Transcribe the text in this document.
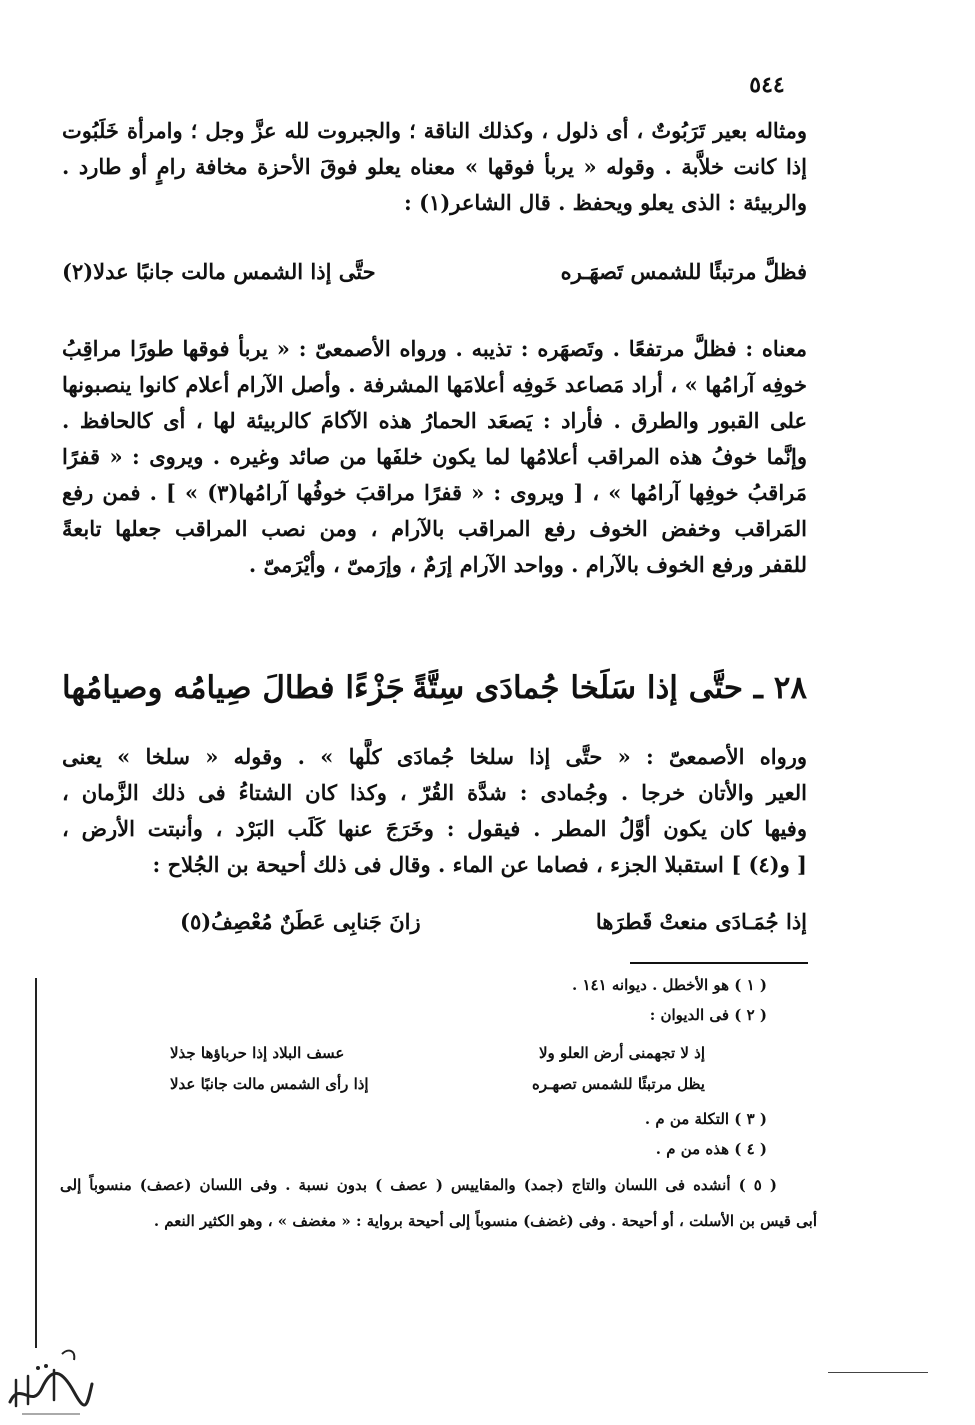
٥٤٤
ومثاله بعير تَرَبُوتٌ ، أى ذلول ، وكذلك الناقة ؛ والجبروت لله عزَّ وجل ؛ وامرأة خَلَبُوت
إذا كانت خلاَّبة . وقوله « يربأ فوقها » معناه يعلو فوقَ الأحزة مخافة رامٍ أو طارد .
والربيئة : الذى يعلو ويحفظ . قال الشاعر(١) :
فظلَّ مرتبئًا للشمس تَصهَـره
حتَّى إذا الشمس مالت جانبًا عدلا(٢)
معناه : فظلَّ مرتفعًا . وتَصهَره : تذيبه . ورواه الأصمعىّ : « يربأ فوقها طورًا مراقِبُ
خوفِه آرامُها » ، أراد مَصاعد خَوفِه أعلامَها المشرفة . وأصل الآرام أعلام كانوا ينصبونها
على القبور والطرق . فأراد : يَصعَد الحمارُ هذه الآكامَ كالربيئة لها ، أى كالحافظ .
وإنَّما خوفُ هذه المراقب أعلامُها لما يكون خلفَها من صائد وغيره . ويروى : « قفرًا
مَراقبُ خوفِها آرامُها » ، [ ويروى : « قفرًا مراقبَ خوفُها آرامُها(٣) » ] . فمن رفع
المَراقب وخفض الخوف رفع المراقب بالآرام ، ومن نصب المراقب جعلها تابعةً
للقفر ورفع الخوف بالآرام . وواحد الآرام إرَمٌ ، وإرَمىّ ، وأيْرَمىّ .
٢٨ ـ حتَّى إذا سَلَخا جُمادَى سِتَّةً
جَزْءًا فطالَ صِيامُه وصيامُها
ورواه الأصمعىّ : « حتَّى إذا سلخا جُمادَى كلَّها » . وقوله « سلخا » يعنى
العير والأتان خرجا . وجُمادى : شدَّة القُرّ ، وكذا كان الشتاءُ فى ذلك الزَّمان ،
وفيها كان يكون أوَّلُ المطر . فيقول : وخَرَجَ عنها كَلَب البَرْد ، وأنبتت الأرض ،
[ و(٤) ] استقبلا الجزء ، فصاما عن الماء . وقال فى ذلك أحيحة بن الجُلاح :
إذا جُمَـادَى منعتْ قَطرَها
زانَ جَنابِى عَطَنٌ مُعْصِفُ(٥)
( ١ ) هو الأخطل . ديوانه ١٤١ .
( ٢ ) فى الديوان :
إذ لا تجهمنى أرض العلو ولا
عسف البلاد إذا حرباؤها جذلا
يظل مرتبئًا للشمس تصهـره
إذا رأى الشمس مالت جانبًا عدلا
( ٣ ) التكلة من م .
( ٤ ) هذه من م .
( ٥ ) أنشده فى اللسان والتاج (جمد) والمقاييس ( عصف ) بدون نسبة . وفى اللسان (عصف) منسوباً إلى
أبى قيس بن الأسلت ، أو أحيحة . وفى (غضف) منسوباً إلى أحيحة برواية : « مغضف » ، وهو الكثير النعم .
